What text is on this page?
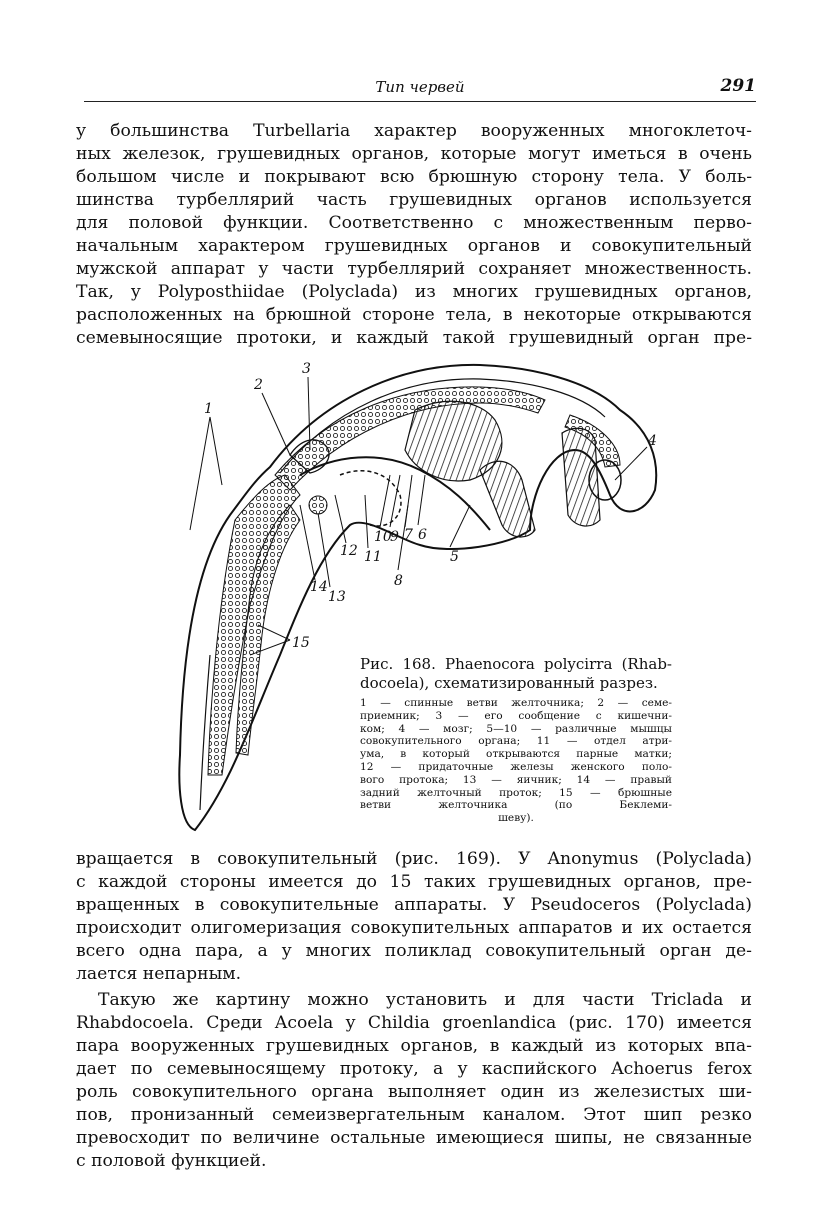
Тип червей	291
у большинства Turbellaria характер вооруженных многоклеточ-
ных железок, грушевидных органов, которые могут иметься в очень
большом числе и покрывают всю брюшную сторону тела. У боль-
шинства турбеллярий часть грушевидных органов используется
для половой функции. Соответственно с множественным перво-
начальным характером грушевидных органов и совокупительный
мужской аппарат у части турбеллярий сохраняет множественность.
Так, у Polyposthiidae (Polyclada) из многих грушевидных органов,
расположенных на брюшной стороне тела, в некоторые открываются
семевыносящие протоки, и каждый такой грушевидный орган пре-
1
2
3
4
5
6
7
8
9
10
11
12
13
14
15
Рис. 168. Phaenocora polycirra (Rhab-
docoela), схематизированный разрез.
1 — спинные ветви желточника; 2 — семе-
приемник; 3 — его сообщение с кишечни-
ком; 4 — мозг; 5—10 — различные мышцы
совокупительного органа; 11 — отдел атри-
ума, в который открываются парные матки;
12 — придаточные железы женского поло-
вого протока; 13 — яичник; 14 — правый
задний желточный проток; 15 — брюшные
ветви желточника (по Беклеми-
шеву).
вращается в совокупительный (рис. 169). У Anonymus (Polyclada)
с каждой стороны имеется до 15 таких грушевидных органов, пре-
вращенных в совокупительные аппараты. У Pseudoceros (Polyclada)
происходит олигомеризация совокупительных аппаратов и их остается
всего одна пара, а у многих поликлад совокупительный орган де-
лается непарным.
Такую же картину можно установить и для части Triclada и
Rhabdocoela. Среди Acoela у Childia groenlandica (рис. 170) имеется
пара вооруженных грушевидных органов, в каждый из которых впа-
дает по семевыносящему протоку, а у каспийского Achoerus ferox
роль совокупительного органа выполняет один из железистых ши-
пов, пронизанный семеизвергательным каналом. Этот шип резко
превосходит по величине остальные имеющиеся шипы, не связанные
с половой функцией.
